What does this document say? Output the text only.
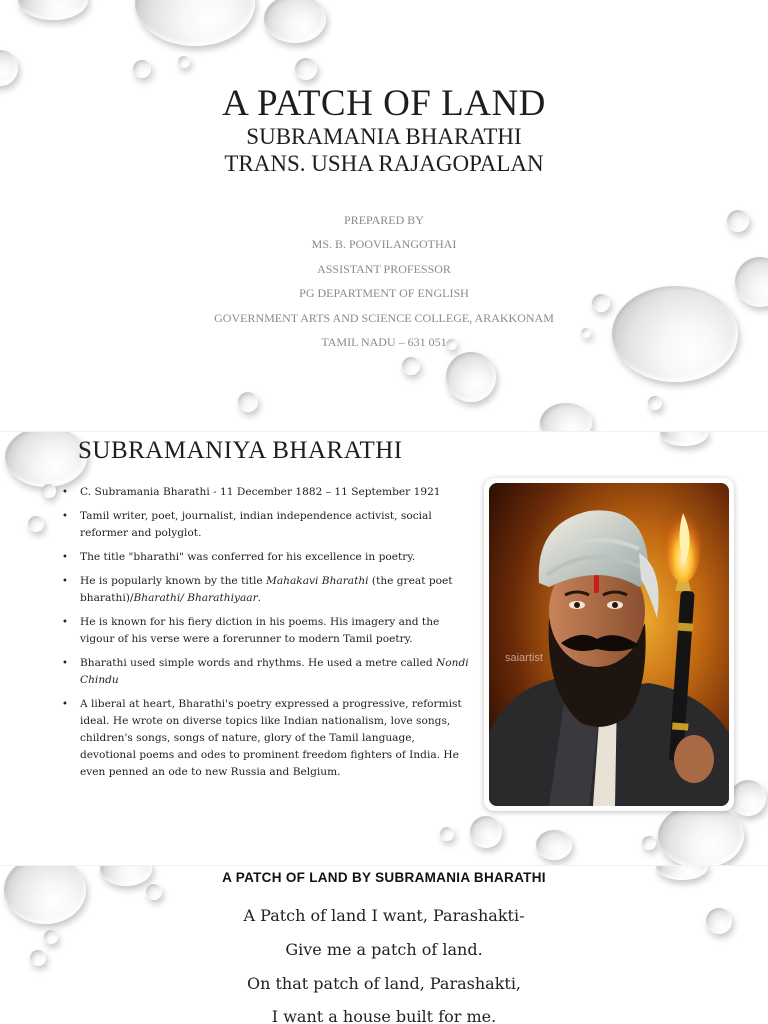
A PATCH OF LAND
SUBRAMANIA BHARATHI
TRANS. USHA RAJAGOPALAN
PREPARED BY
MS. B. POOVILANGOTHAI
ASSISTANT PROFESSOR
PG DEPARTMENT OF ENGLISH
GOVERNMENT ARTS AND SCIENCE COLLEGE, ARAKKONAM
TAMIL NADU – 631 051
SUBRAMANIYA BHARATHI
• C. Subramania Bharathi - 11 December 1882 – 11 September 1921
• Tamil writer, poet, journalist, indian independence activist, social reformer and polyglot.
• The title "bharathi" was conferred for his excellence in poetry.
• He is popularly known by the title Mahakavi Bharathi (the great poet bharathi)/Bharathi/ Bharathiyaar.
• He is known for his fiery diction in his poems. His imagery and the vigour of his verse were a forerunner to modern Tamil poetry.
• Bharathi used simple words and rhythms. He used a metre called Nondi Chindu
• A liberal at heart, Bharathi's poetry expressed a progressive, reformist ideal. He wrote on diverse topics like Indian nationalism, love songs, children's songs, songs of nature, glory of the Tamil language, devotional poems and odes to prominent freedom fighters of India. He even penned an ode to new Russia and Belgium.
saiartist
A PATCH OF LAND BY SUBRAMANIA BHARATHI
A Patch of land I want, Parashakti-
Give me a patch of land.
On that patch of land, Parashakti,
I want a house built for me.
